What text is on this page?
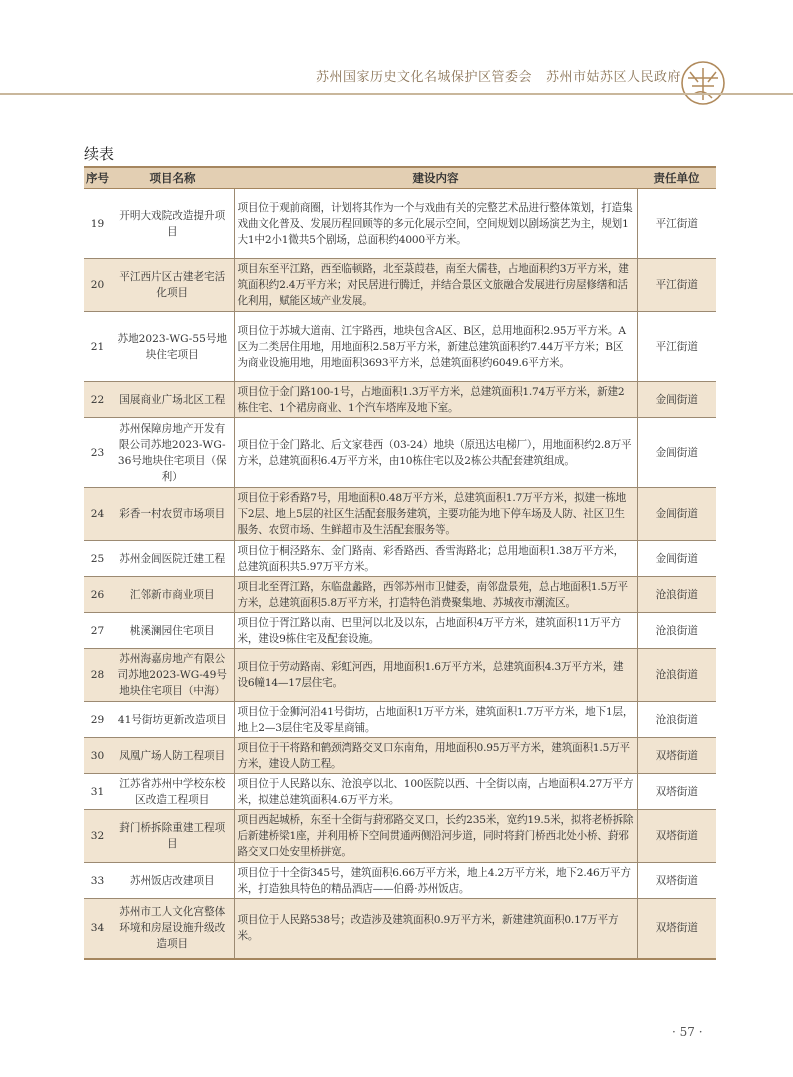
苏州国家历史文化名城保护区管委会 苏州市姑苏区人民政府
续表
序号	项目名称	建设内容	责任单位
19	开明大戏院改造提升项目	项目位于观前商圈，计划将其作为一个与戏曲有关的完整艺术品进行整体策划，打造集戏曲文化普及、发展历程回顾等的多元化展示空间，空间规划以剧场演艺为主，规划1大1中2小1微共5个剧场，总面积约4000平方米。	平江街道
20	平江西片区古建老宅活化项目	项目东至平江路，西至临顿路，北至菉葭巷，南至大儒巷，占地面积约3万平方米，建筑面积约2.4万平方米；对民居进行腾迁，并结合景区文旅融合发展进行房屋修缮和活化利用，赋能区域产业发展。	平江街道
21	苏地2023-WG-55号地块住宅项目	项目位于苏城大道南、江宇路西，地块包含A区、B区，总用地面积2.95万平方米。A区为二类居住用地，用地面积2.58万平方米，新建总建筑面积约7.44万平方米；B区为商业设施用地，用地面积3693平方米，总建筑面积约6049.6平方米。	平江街道
22	国展商业广场北区工程	项目位于金门路100-1号，占地面积1.3万平方米，总建筑面积1.74万平方米，新建2栋住宅、1个裙房商业、1个汽车塔库及地下室。	金阊街道
23	苏州保障房地产开发有限公司苏地2023-WG-36号地块住宅项目（保利）	项目位于金门路北、后文家巷西（03-24）地块（原迅达电梯厂），用地面积约2.8万平方米，总建筑面积6.4万平方米，由10栋住宅以及2栋公共配套建筑组成。	金阊街道
24	彩香一村农贸市场项目	项目位于彩香路7号，用地面积0.48万平方米，总建筑面积1.7万平方米，拟建一栋地下2层、地上5层的社区生活配套服务建筑，主要功能为地下停车场及人防、社区卫生服务、农贸市场、生鲜超市及生活配套服务等。	金阊街道
25	苏州金阊医院迁建工程	项目位于桐泾路东、金门路南、彩香路西、香雪海路北；总用地面积1.38万平方米，总建筑面积共5.97万平方米。	金阊街道
26	汇邻新市商业项目	项目北至胥江路，东临盘蠡路，西邻苏州市卫健委，南邻盘景苑，总占地面积1.5万平方米，总建筑面积5.8万平方米，打造特色消费聚集地、苏城夜市潮流区。	沧浪街道
27	桃溪澜园住宅项目	项目位于胥江路以南、巴里河以北及以东，占地面积4万平方米，建筑面积11万平方米，建设9栋住宅及配套设施。	沧浪街道
28	苏州海嘉房地产有限公司苏地2023-WG-49号地块住宅项目（中海）	项目位于劳动路南、彩虹河西，用地面积1.6万平方米，总建筑面积4.3万平方米，建设6幢14—17层住宅。	沧浪街道
29	41号街坊更新改造项目	项目位于金狮河沿41号街坊，占地面积1万平方米，建筑面积1.7万平方米，地下1层，地上2—3层住宅及零星商铺。	沧浪街道
30	凤凰广场人防工程项目	项目位于干将路和鹤颈湾路交叉口东南角，用地面积0.95万平方米，建筑面积1.5万平方米，建设人防工程。	双塔街道
31	江苏省苏州中学校东校区改造工程项目	项目位于人民路以东、沧浪亭以北、100医院以西、十全街以南，占地面积4.27万平方米，拟建总建筑面积4.6万平方米。	双塔街道
32	葑门桥拆除重建工程项目	项目西起城桥，东至十全街与葑邪路交叉口，长约235米，宽约19.5米，拟将老桥拆除后新建桥梁1座，并利用桥下空间贯通两侧沿河步道，同时将葑门桥西北处小桥、葑邪路交叉口处安里桥拼宽。	双塔街道
33	苏州饭店改建项目	项目位于十全街345号，建筑面积6.66万平方米，地上4.2万平方米，地下2.46万平方米，打造独具特色的精品酒店——伯爵·苏州饭店。	双塔街道
34	苏州市工人文化宫整体环境和房屋设施升级改造项目	项目位于人民路538号；改造涉及建筑面积0.9万平方米，新建建筑面积0.17万平方米。	双塔街道
· 57 ·
